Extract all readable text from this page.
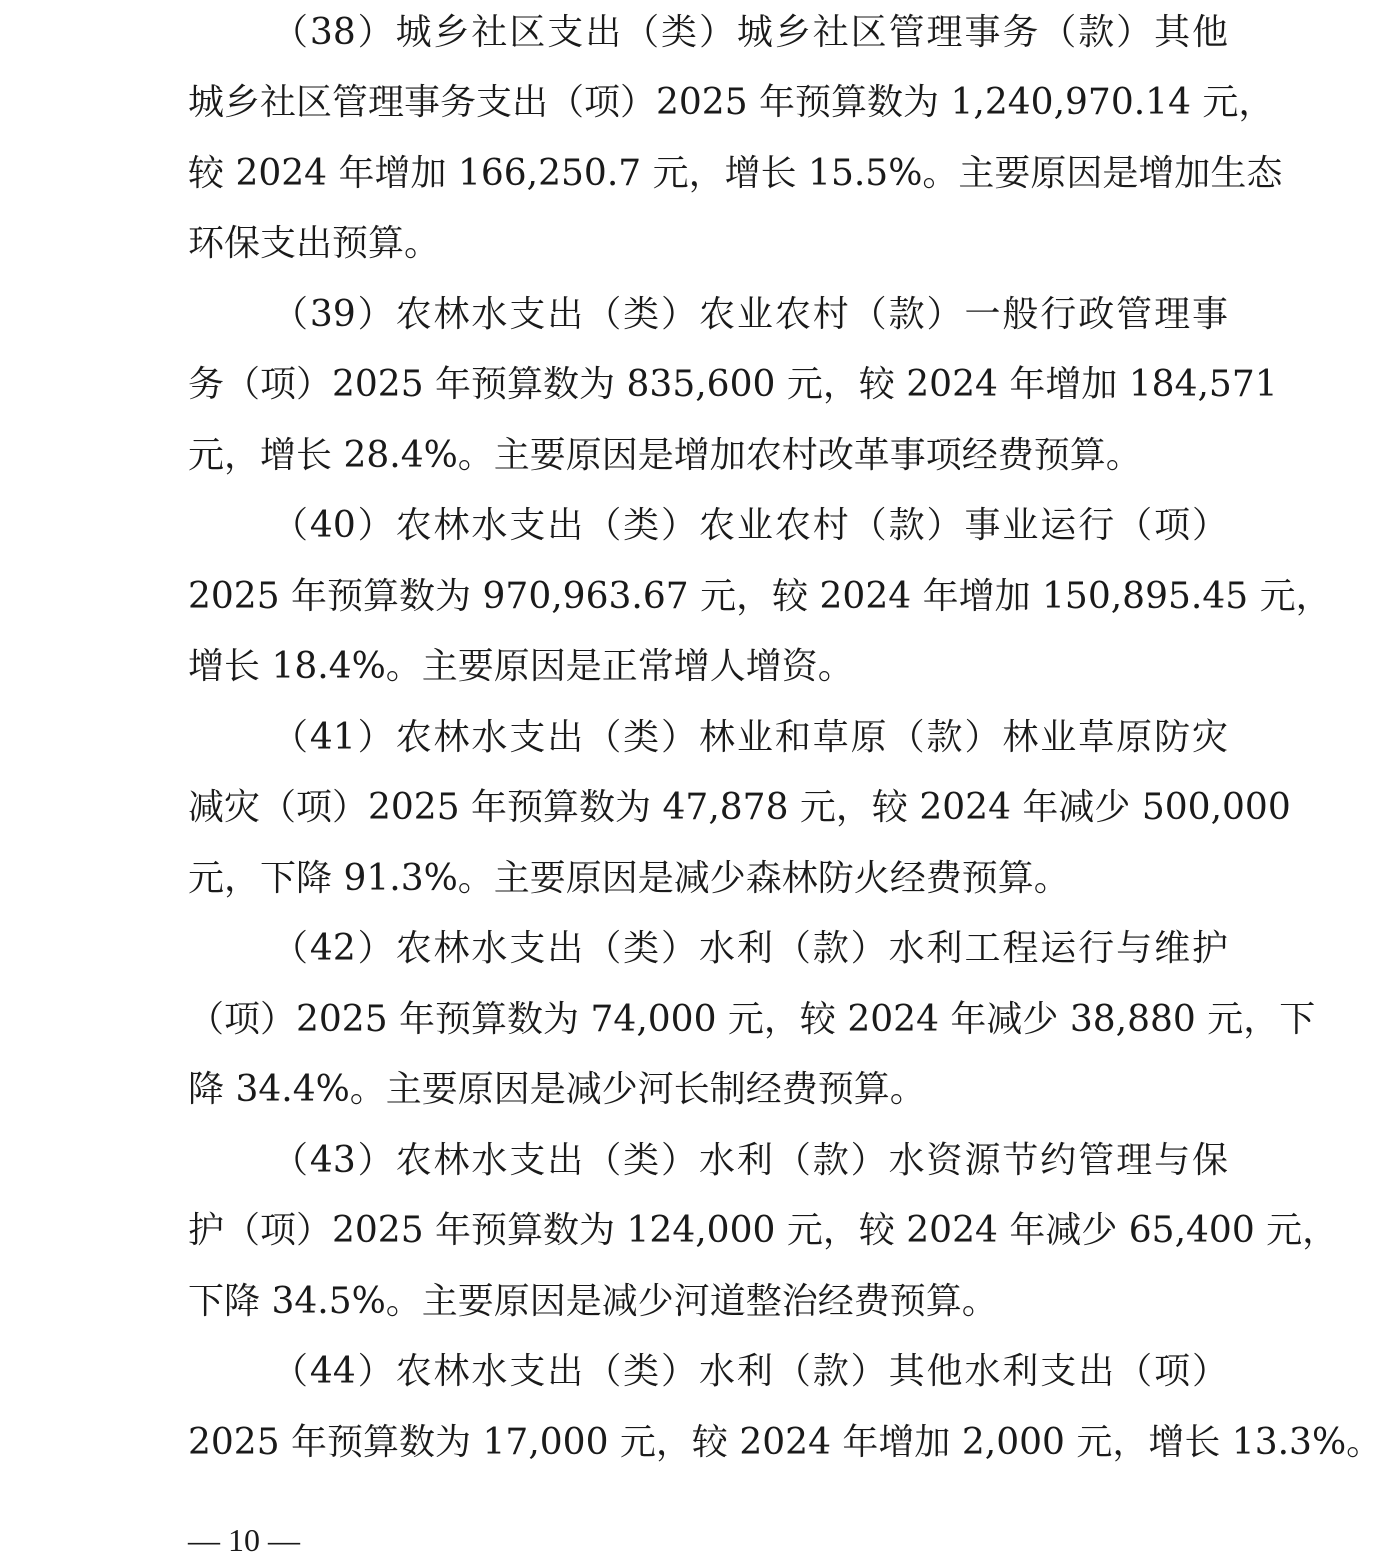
（38）城乡社区支出（类）城乡社区管理事务（款）其他
城乡社区管理事务支出（项）2025 年预算数为 1,240,970.14 元，
较 2024 年增加 166,250.7 元，增长 15.5%。主要原因是增加生态
环保支出预算。
（39）农林水支出（类）农业农村（款）一般行政管理事
务（项）2025 年预算数为 835,600 元，较 2024 年增加 184,571
元，增长 28.4%。主要原因是增加农村改革事项经费预算。
（40）农林水支出（类）农业农村（款）事业运行（项）
2025 年预算数为 970,963.67 元，较 2024 年增加 150,895.45 元，
增长 18.4%。主要原因是正常增人增资。
（41）农林水支出（类）林业和草原（款）林业草原防灾
减灾（项）2025 年预算数为 47,878 元，较 2024 年减少 500,000
元，下降 91.3%。主要原因是减少森林防火经费预算。
（42）农林水支出（类）水利（款）水利工程运行与维护
（项）2025 年预算数为 74,000 元，较 2024 年减少 38,880 元，下
降 34.4%。主要原因是减少河长制经费预算。
（43）农林水支出（类）水利（款）水资源节约管理与保
护（项）2025 年预算数为 124,000 元，较 2024 年减少 65,400 元，
下降 34.5%。主要原因是减少河道整治经费预算。
（44）农林水支出（类）水利（款）其他水利支出（项）
2025 年预算数为 17,000 元，较 2024 年增加 2,000 元，增长 13.3%。
— 10 —
